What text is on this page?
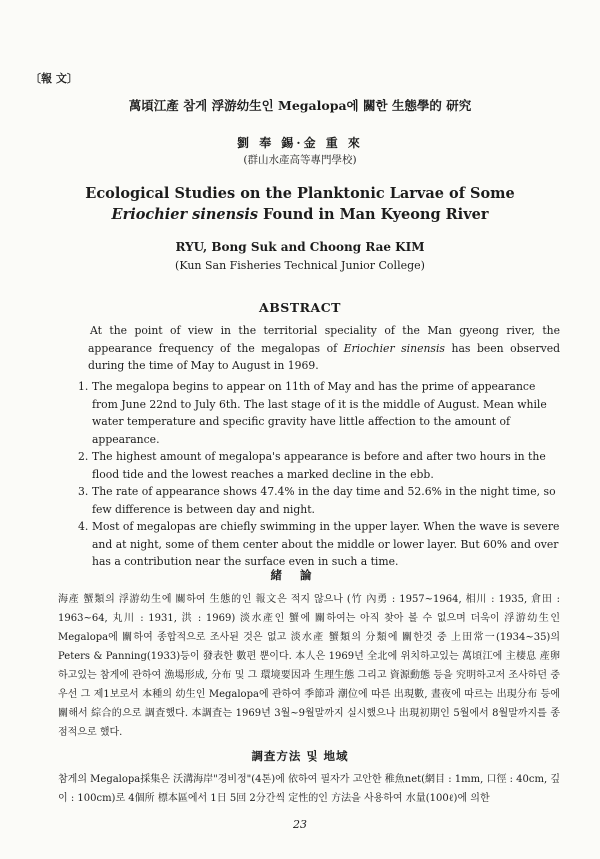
〔報 文〕
萬頃江產 참게 浮游幼生인 Megalopa에 關한 生態學的 研究
劉 奉 錫·金 重 來
(群山水產高等專門學校)
Ecological Studies on the Planktonic Larvae of Some
Eriochier sinensis Found in Man Kyeong River
RYU, Bong Suk and Choong Rae KIM
(Kun San Fisheries Technical Junior College)
ABSTRACT
At the point of view in the territorial speciality of the Man gyeong river, the appearance frequency of the megalopas of Eriochier sinensis has been observed during the time of May to August in 1969.
1. The megalopa begins to appear on 11th of May and has the prime of appearance from June 22nd to July 6th. The last stage of it is the middle of August. Mean while water temperature and specific gravity have little affection to the amount of appearance.
2. The highest amount of megalopa's appearance is before and after two hours in the flood tide and the lowest reaches a marked decline in the ebb.
3. The rate of appearance shows 47.4% in the day time and 52.6% in the night time, so few difference is between day and night.
4. Most of megalopas are chiefly swimming in the upper layer. When the wave is severe and at night, some of them center about the middle or lower layer. But 60% and over has a contribution near the surface even in such a time.
緒論
海產 蟹類의 浮游幼生에 關하여 生態的인 報文은 적지 않으나 (竹 內勇 : 1957~1964, 相川 : 1935, 倉田 : 1963~64, 丸川 : 1931, 洪 : 1969) 淡水產인 蟹에 關하여는 아직 찾아 볼 수 없으며 더욱이 浮游幼生인 Megalopa에 關하여 종합적으로 조사된 것은 없고 淡水產 蟹類의 分類에 關한것 중 上田常一(1934~35)의 Peters & Panning(1933)등이 發表한 數편 뿐이다. 本人은 1969년 全北에 위치하고있는 萬頃江에 主棲息 產卵하고있는 참게에 관하여 漁場形成, 分布 및 그 環境要因과 生理生態 그리고 資源動態 등을 究明하고저 조사하던 중 우선 그 제1보로서 本種의 幼生인 Megalopa에 관하여 季節과 潮位에 따른 出現數, 晝夜에 따르는 出現分布 등에 關해서 綜合的으로 調査했다. 本調査는 1969년 3월~9월말까지 실시했으나 出現初期인 5월에서 8월말까지를 종점적으로 했다.
調査方法 및 地域
참게의 Megalopa採集은 沃溝海岸"경비정"(4톤)에 依하여 필자가 고안한 稚魚net(網目 : 1mm, 口徑 : 40cm, 깊이 : 100cm)로 4個所 標本區에서 1日 5回 2分간씩 定性的인 方法을 사용하여 水量(100ℓ)에 의한
23
